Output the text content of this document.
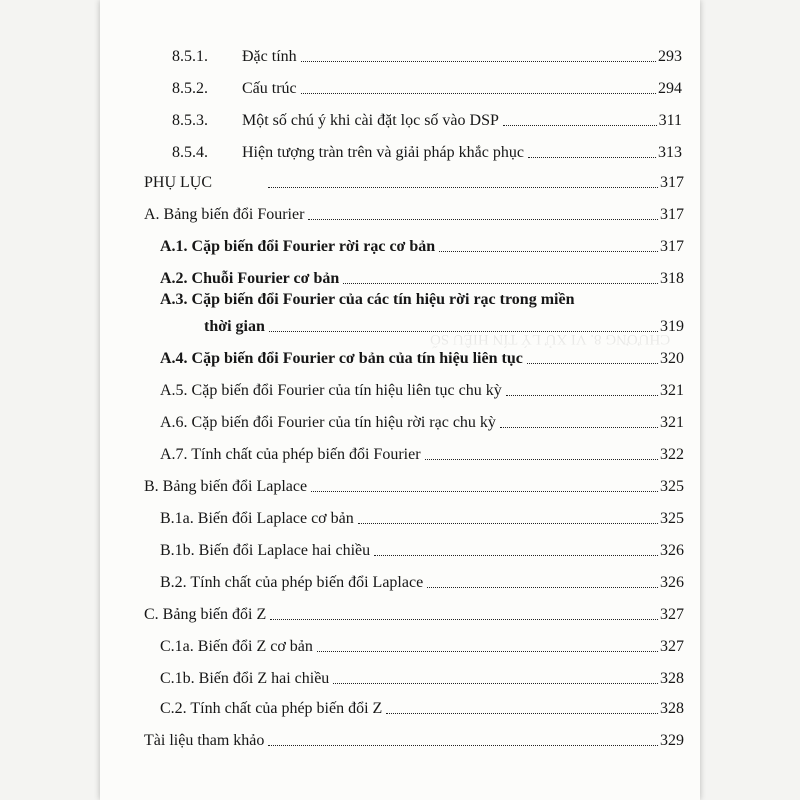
CHƯƠNG 8. VI XỬ LÝ TÍN HIỆU SỐ
8.5.1.	Đặc tính	293
8.5.2.	Cấu trúc	294
8.5.3.	Một số chú ý khi cài đặt lọc số vào DSP	311
8.5.4.	Hiện tượng tràn trên và giải pháp khắc phục	313
PHỤ LỤC	317
A. Bảng biến đổi Fourier	317
A.1. Cặp biến đổi Fourier rời rạc cơ bản	317
A.2. Chuỗi Fourier cơ bản	318
A.3. Cặp biến đổi Fourier của các tín hiệu rời rạc trong miền
thời gian	319
A.4. Cặp biến đổi Fourier cơ bản của tín hiệu liên tục	320
A.5. Cặp biến đổi Fourier của tín hiệu liên tục chu kỳ	321
A.6. Cặp biến đổi Fourier của tín hiệu rời rạc chu kỳ	321
A.7. Tính chất của phép biến đổi Fourier	322
B. Bảng biến đổi Laplace	325
B.1a. Biến đổi Laplace cơ bản	325
B.1b. Biến đổi Laplace hai chiều	326
B.2. Tính chất của phép biến đổi Laplace	326
C. Bảng biến đổi Z	327
C.1a. Biến đổi Z cơ bản	327
C.1b. Biến đổi Z hai chiều	328
C.2. Tính chất của phép biến đổi Z	328
Tài liệu tham khảo	329
